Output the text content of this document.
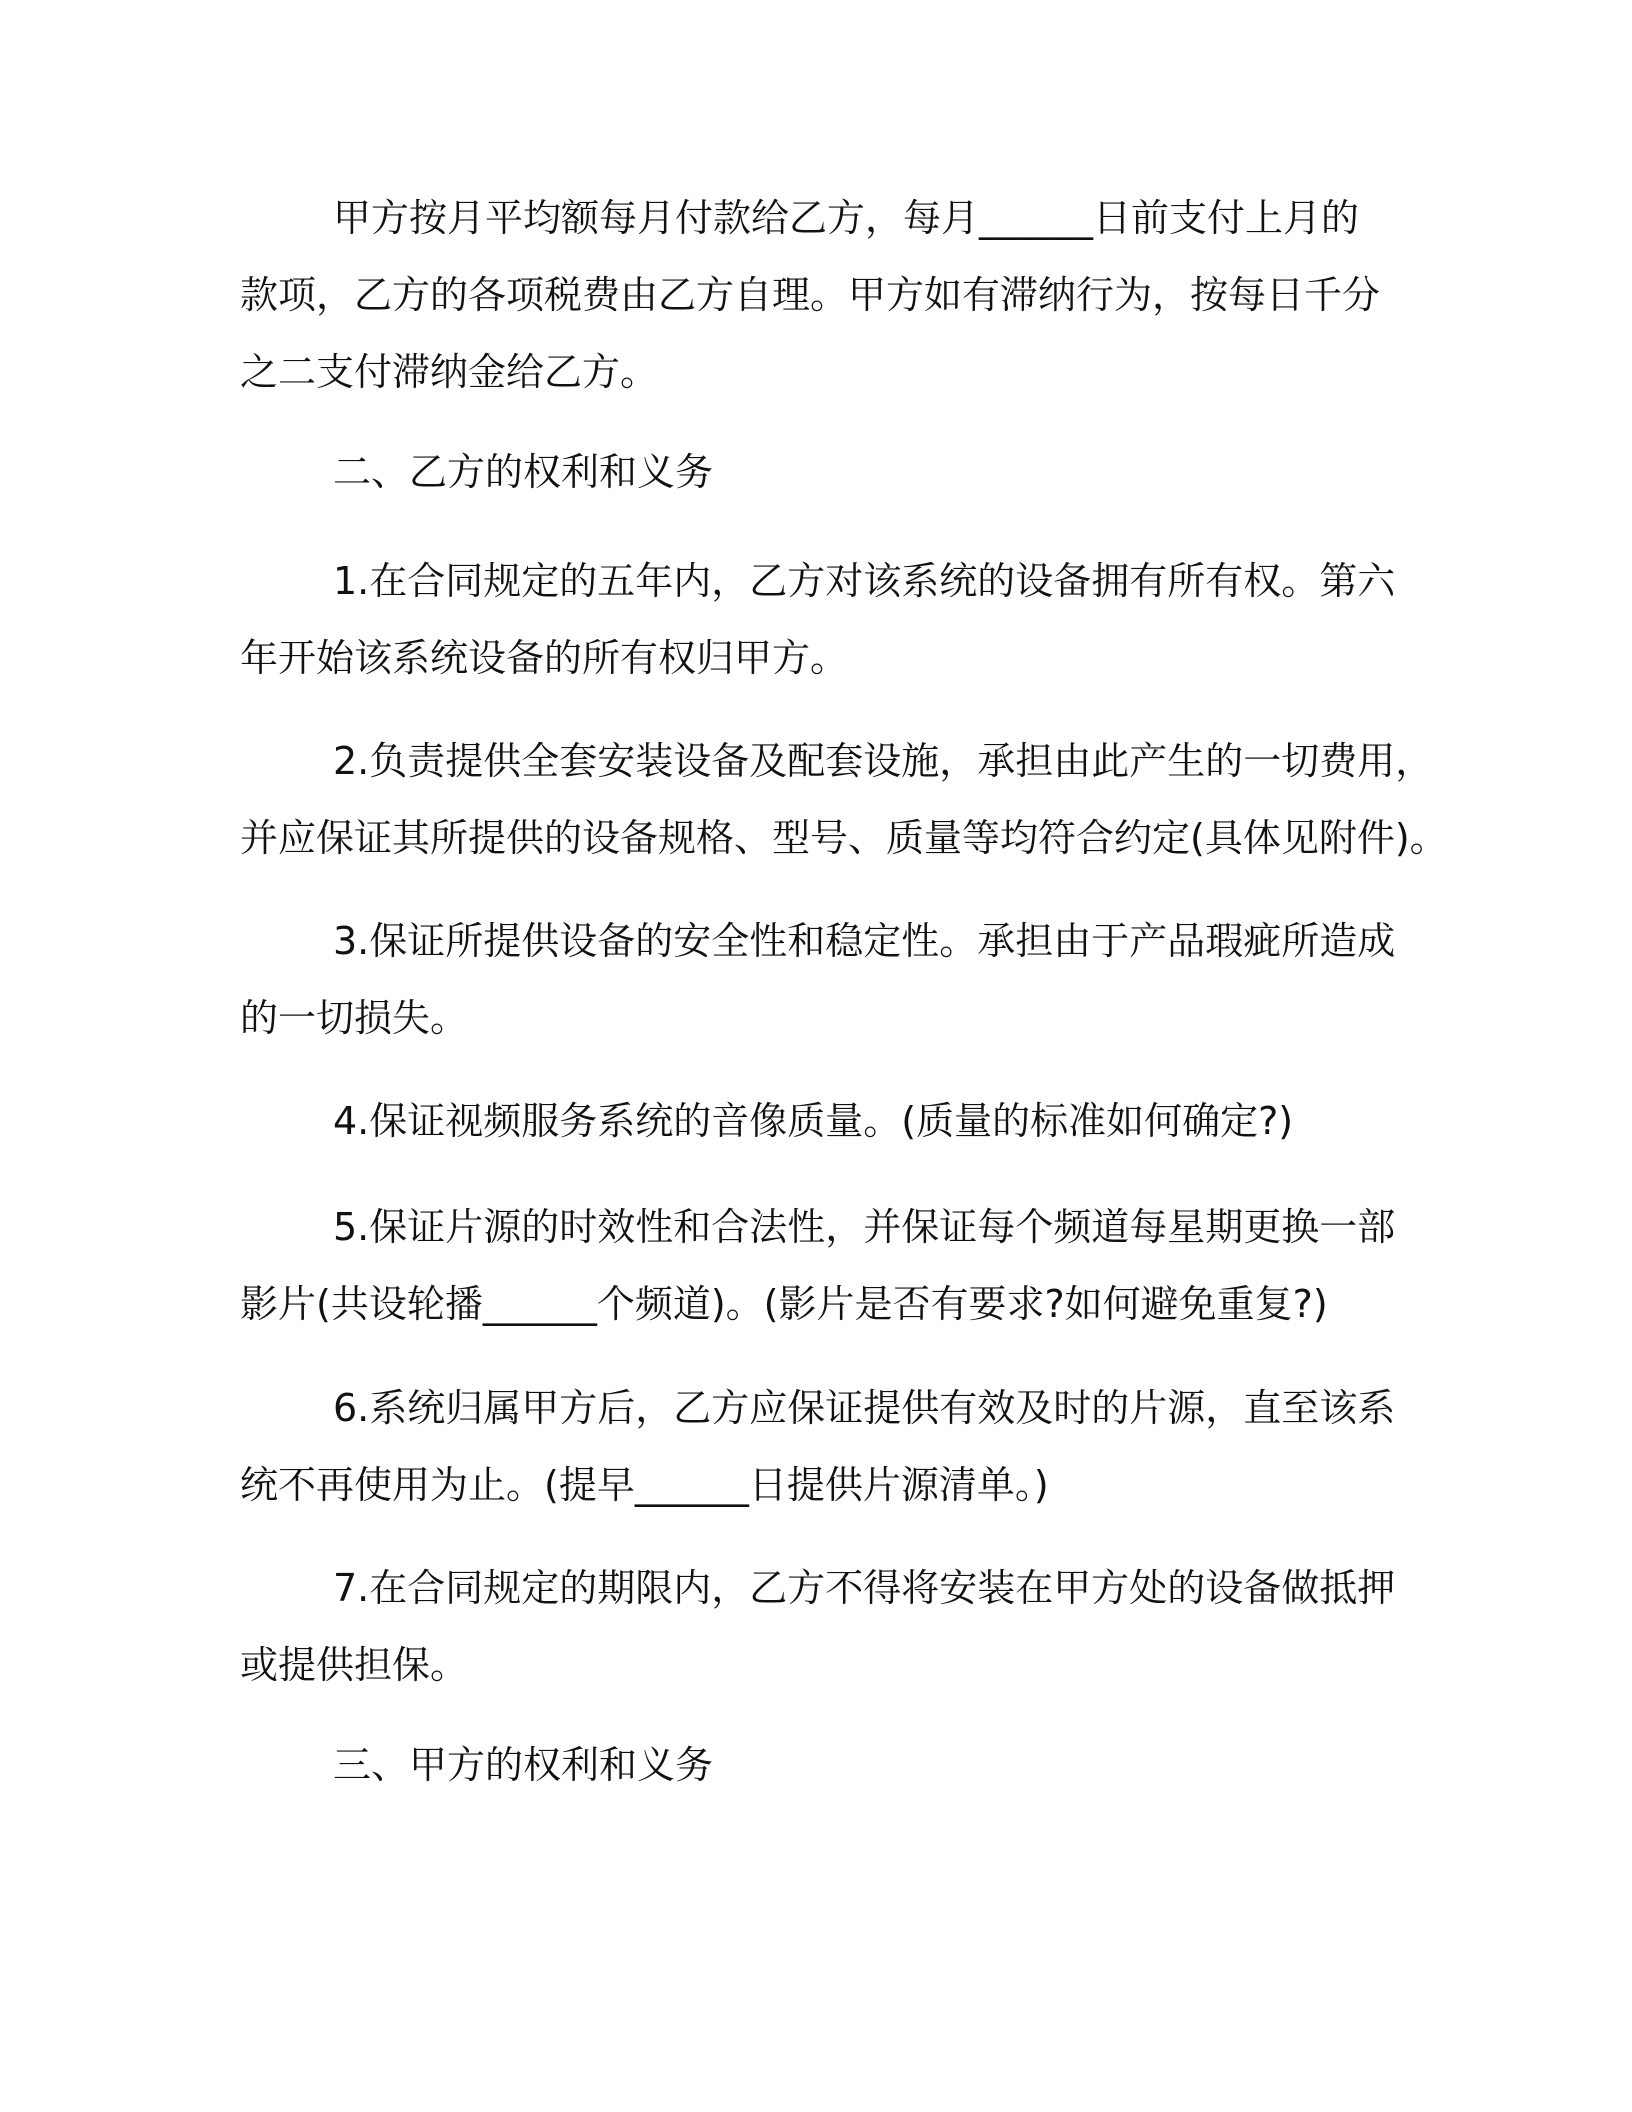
甲方按月平均额每月付款给乙方，每月______日前支付上月的
款项，乙方的各项税费由乙方自理。甲方如有滞纳行为，按每日千分
之二支付滞纳金给乙方。
二、乙方的权利和义务
1.在合同规定的五年内，乙方对该系统的设备拥有所有权。第六
年开始该系统设备的所有权归甲方。
2.负责提供全套安装设备及配套设施，承担由此产生的一切费用，
并应保证其所提供的设备规格、型号、质量等均符合约定(具体见附件)。
3.保证所提供设备的安全性和稳定性。承担由于产品瑕疵所造成
的一切损失。
4.保证视频服务系统的音像质量。(质量的标准如何确定?)
5.保证片源的时效性和合法性，并保证每个频道每星期更换一部
影片(共设轮播______个频道)。(影片是否有要求?如何避免重复?)
6.系统归属甲方后，乙方应保证提供有效及时的片源，直至该系
统不再使用为止。(提早______日提供片源清单。)
7.在合同规定的期限内，乙方不得将安装在甲方处的设备做抵押
或提供担保。
三、甲方的权利和义务
